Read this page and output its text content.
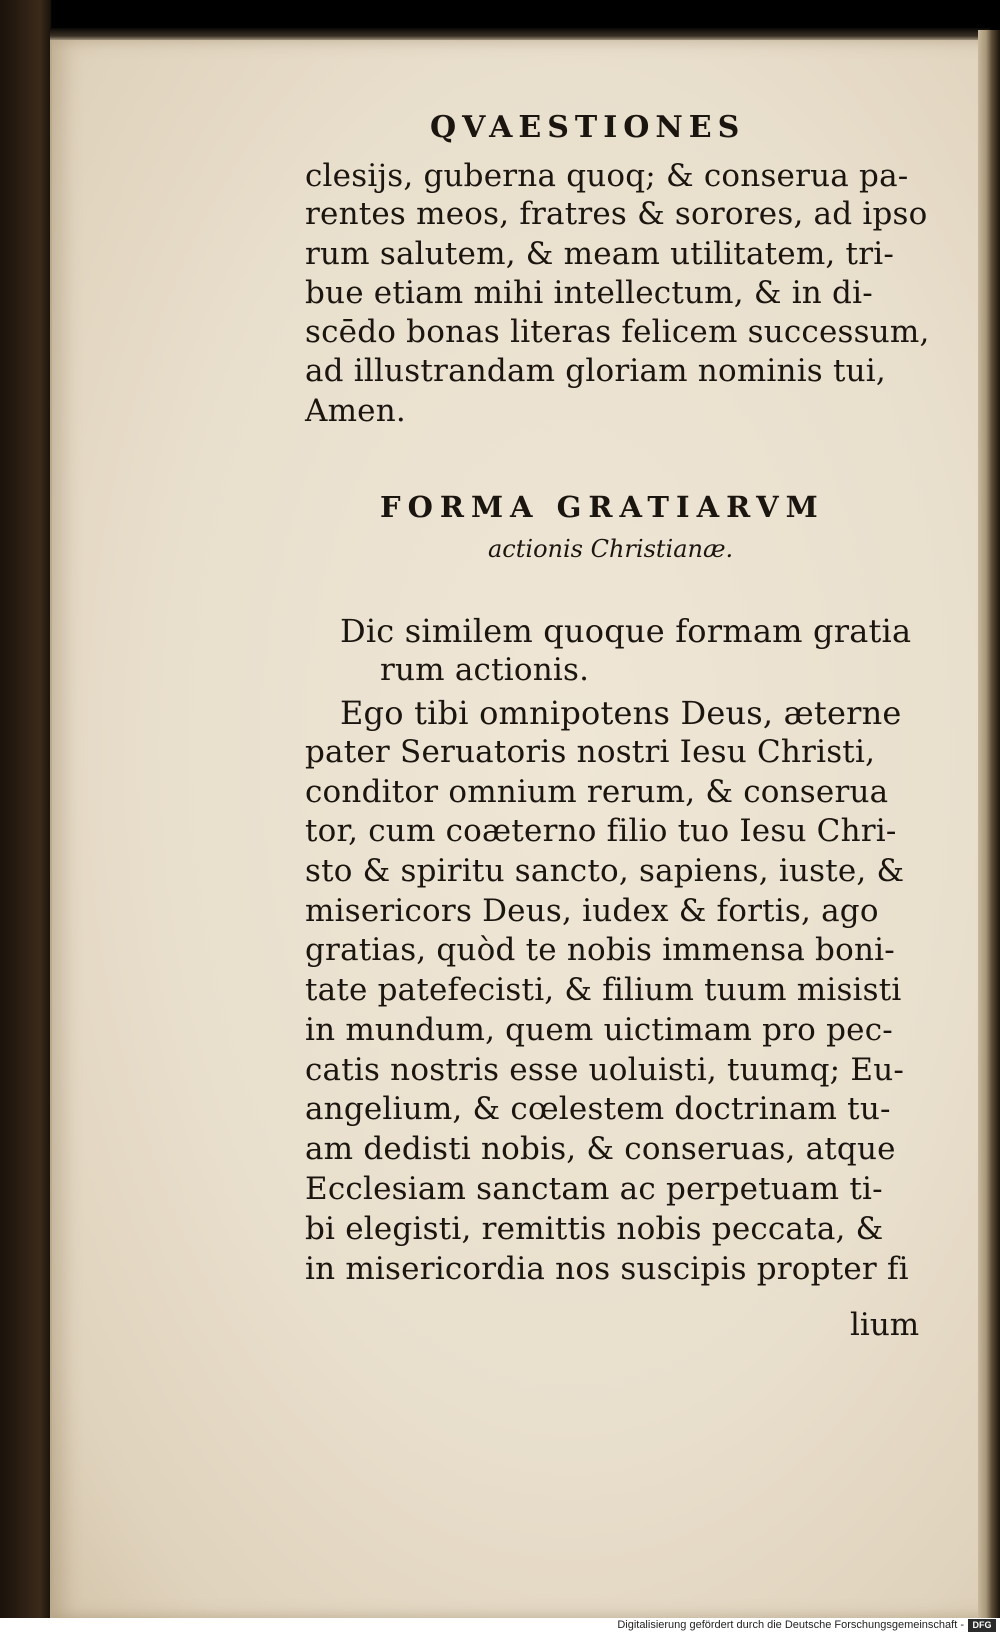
QVAESTIONES
clesijs, guberna quoq; & conserua pa-
rentes meos, fratres & sorores, ad ipso
rum salutem, & meam utilitatem, tri-
bue etiam mihi intellectum, & in di-
scēdo bonas literas felicem successum,
ad illustrandam gloriam nominis tui,
Amen.
FORMA GRATIARVM
actionis Christianæ.
Dic similem quoque formam gratia
rum actionis.
Ego tibi omnipotens Deus, æterne
pater Seruatoris nostri Iesu Christi,
conditor omnium rerum, & conserua
tor, cum coæterno filio tuo Iesu Chri-
sto & spiritu sancto, sapiens, iuste, &
misericors Deus, iudex & fortis, ago
gratias, quòd te nobis immensa boni-
tate patefecisti, & filium tuum misisti
in mundum, quem uictimam pro pec-
catis nostris esse uoluisti, tuumq; Eu-
angelium, & cœlestem doctrinam tu-
am dedisti nobis, & conseruas, atque
Ecclesiam sanctam ac perpetuam ti-
bi elegisti, remittis nobis peccata, &
in misericordia nos suscipis propter fi
lium
Digitalisierung gefördert durch die Deutsche Forschungsgemeinschaft - DFG
